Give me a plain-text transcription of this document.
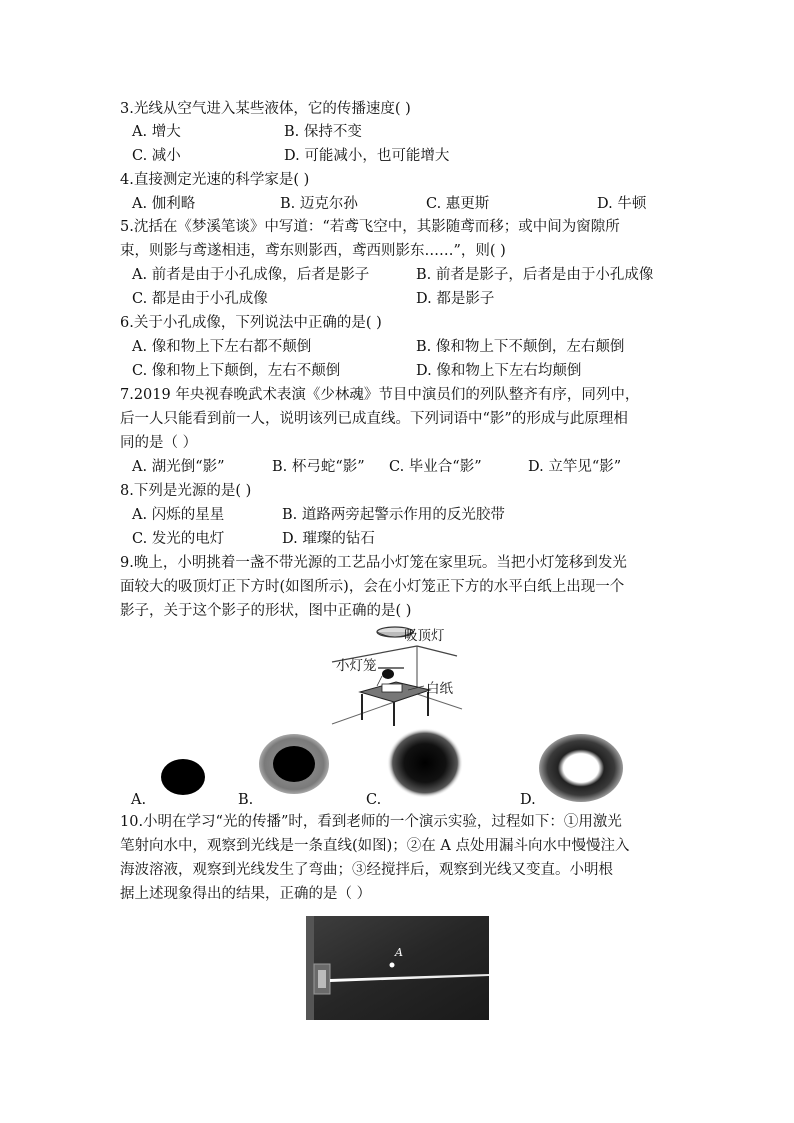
3.光线从空气进入某些液体，它的传播速度( )
A. 增大	B. 保持不变
C. 减小	D. 可能减小，也可能增大
4.直接测定光速的科学家是( )
A. 伽利略	B. 迈克尔孙	C. 惠更斯	D. 牛顿
5.沈括在《梦溪笔谈》中写道：“若鸢飞空中，其影随鸢而移；或中间为窗隙所
束，则影与鸢遂相违，鸢东则影西，鸢西则影东……”，则( )
A. 前者是由于小孔成像，后者是影子	B. 前者是影子，后者是由于小孔成像
C. 都是由于小孔成像	D. 都是影子
6.关于小孔成像，下列说法中正确的是( )
A. 像和物上下左右都不颠倒	B. 像和物上下不颠倒，左右颠倒
C. 像和物上下颠倒，左右不颠倒	D. 像和物上下左右均颠倒
7.2019 年央视春晚武术表演《少林魂》节目中演员们的列队整齐有序，同列中，
后一人只能看到前一人，说明该列已成直线。下列词语中“影”的形成与此原理相
同的是（ ）
A. 湖光倒“影”	B. 杯弓蛇“影” C. 毕业合“影”	D. 立竿见“影”
8.下列是光源的是( )
A. 闪烁的星星	B. 道路两旁起警示作用的反光胶带
C. 发光的电灯	D. 璀璨的钻石
9.晚上，小明挑着一盏不带光源的工艺品小灯笼在家里玩。当把小灯笼移到发光
面较大的吸顶灯正下方时(如图所示)，会在小灯笼正下方的水平白纸上出现一个
影子，关于这个影子的形状，图中正确的是( )
吸顶灯
小灯笼
白纸
A.	B.	C.	D.
10.小明在学习“光的传播”时，看到老师的一个演示实验，过程如下：①用激光
笔射向水中，观察到光线是一条直线(如图)；②在 A 点处用漏斗向水中慢慢注入
海波溶液，观察到光线发生了弯曲；③经搅拌后，观察到光线又变直。小明根
据上述现象得出的结果，正确的是（ ）
A
